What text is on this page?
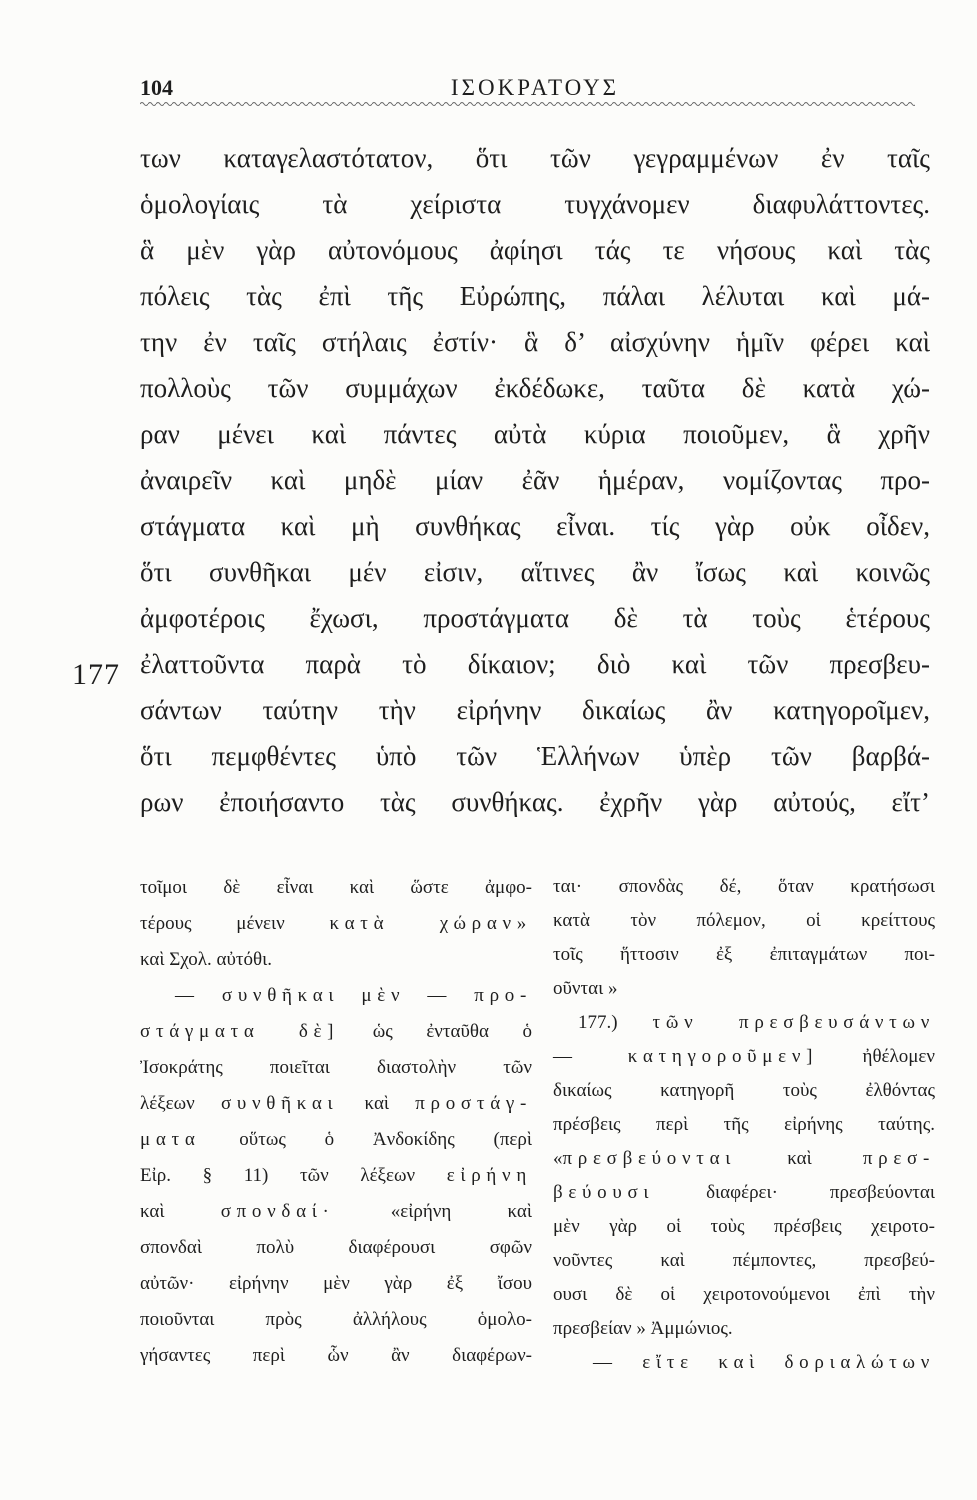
104	ΙΣΟΚΡΑΤΟΥΣ
177
των καταγελαστότατον, ὅτι τῶν γεγραμμένων ἐν ταῖς
ὁμολογίαις τὰ χείριστα τυγχάνομεν διαφυλάττοντες.
ἃ μὲν γὰρ αὐτονόμους ἀφίησι τάς τε νήσους καὶ τὰς
πόλεις τὰς ἐπὶ τῆς Εὐρώπης, πάλαι λέλυται καὶ μά-
την ἐν ταῖς στήλαις ἐστίν· ἃ δ’ αἰσχύνην ἡμῖν φέρει καὶ
πολλοὺς τῶν συμμάχων ἐκδέδωκε, ταῦτα δὲ κατὰ χώ-
ραν μένει καὶ πάντες αὐτὰ κύρια ποιοῦμεν, ἃ χρῆν
ἀναιρεῖν καὶ μηδὲ μίαν ἐᾶν ἡμέραν, νομίζοντας προ-
στάγματα καὶ μὴ συνθήκας εἶναι. τίς γὰρ οὐκ οἶδεν,
ὅτι συνθῆκαι μέν εἰσιν, αἵτινες ἂν ἴσως καὶ κοινῶς
ἀμφοτέροις ἔχωσι, προστάγματα δὲ τὰ τοὺς ἑτέρους
ἐλαττοῦντα παρὰ τὸ δίκαιον; διὸ καὶ τῶν πρεσβευ-
σάντων ταύτην τὴν εἰρήνην δικαίως ἂν κατηγοροῖμεν,
ὅτι πεμφθέντες ὑπὸ τῶν Ἑλλήνων ὑπὲρ τῶν βαρβά-
ρων ἐποιήσαντο τὰς συνθήκας. ἐχρῆν γὰρ αὐτούς, εἴτ’
τοῖμοι δὲ εἶναι καὶ ὥστε ἀμφο-
τέρους μένειν κατὰ χώραν»
καὶ Σχολ. αὐτόθι.
— συνθῆκαι μὲν — προ-
στάγματα δὲ] ὡς ἐνταῦθα ὁ
Ἰσοκράτης ποιεῖται διαστολὴν τῶν
λέξεων συνθῆκαι καὶ προστάγ-
ματα οὕτως ὁ Ἀνδοκίδης (περὶ
Εἰρ. § 11) τῶν λέξεων εἰρήνη
καὶ σπονδαί· «εἰρήνη καὶ
σπονδαὶ πολὺ διαφέρουσι σφῶν
αὐτῶν· εἰρήνην μὲν γὰρ ἐξ ἴσου
ποιοῦνται πρὸς ἀλλήλους ὁμολο-
γήσαντες περὶ ὧν ἂν διαφέρων-
ται· σπονδὰς δέ, ὅταν κρατήσωσι
κατὰ τὸν πόλεμον, οἱ κρείττους
τοῖς ἥττοσιν ἐξ ἐπιταγμάτων ποι-
οῦνται »
177.) τῶν πρεσβευσάντων
— κατηγοροῦμεν] ἠθέλομεν
δικαίως κατηγορῆ τοὺς ἐλθόντας
πρέσβεις περὶ τῆς εἰρήνης ταύτης.
«πρεσβεύονται καὶ πρεσ-
βεύουσι διαφέρει· πρεσβεύονται
μὲν γὰρ οἱ τοὺς πρέσβεις χειροτο-
νοῦντες καὶ πέμποντες, πρεσβεύ-
ουσι δὲ οἱ χειροτονούμενοι ἐπὶ τὴν
πρεσβείαν » Ἀμμώνιος.
— εἴτε καὶ δοριαλώτων
